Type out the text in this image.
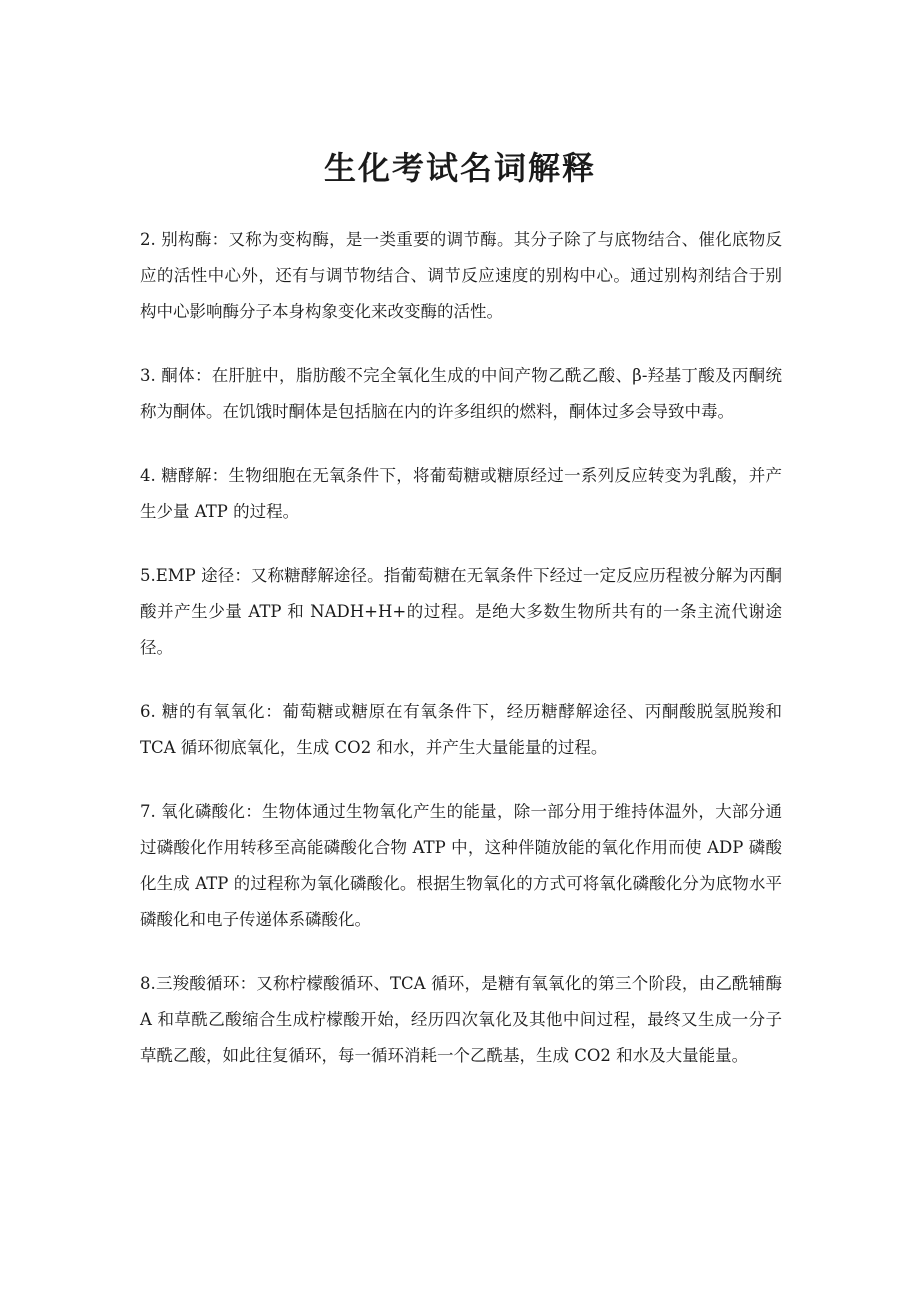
生化考试名词解释

2. 别构酶：又称为变构酶，是一类重要的调节酶。其分子除了与底物结合、催化底物反应的活性中心外，还有与调节物结合、调节反应速度的别构中心。通过别构剂结合于别构中心影响酶分子本身构象变化来改变酶的活性。

3. 酮体：在肝脏中，脂肪酸不完全氧化生成的中间产物乙酰乙酸、β-羟基丁酸及丙酮统称为酮体。在饥饿时酮体是包括脑在内的许多组织的燃料，酮体过多会导致中毒。

4. 糖酵解：生物细胞在无氧条件下，将葡萄糖或糖原经过一系列反应转变为乳酸，并产生少量 ATP 的过程。

5.EMP 途径：又称糖酵解途径。指葡萄糖在无氧条件下经过一定反应历程被分解为丙酮酸并产生少量 ATP 和 NADH+H+的过程。是绝大多数生物所共有的一条主流代谢途径。

6. 糖的有氧氧化：葡萄糖或糖原在有氧条件下，经历糖酵解途径、丙酮酸脱氢脱羧和 TCA 循环彻底氧化，生成 CO2 和水，并产生大量能量的过程。

7. 氧化磷酸化：生物体通过生物氧化产生的能量，除一部分用于维持体温外，大部分通过磷酸化作用转移至高能磷酸化合物 ATP 中，这种伴随放能的氧化作用而使 ADP 磷酸化生成 ATP 的过程称为氧化磷酸化。根据生物氧化的方式可将氧化磷酸化分为底物水平磷酸化和电子传递体系磷酸化。

8.三羧酸循环：又称柠檬酸循环、TCA 循环，是糖有氧氧化的第三个阶段，由乙酰辅酶 A 和草酰乙酸缩合生成柠檬酸开始，经历四次氧化及其他中间过程，最终又生成一分子草酰乙酸，如此往复循环，每一循环消耗一个乙酰基，生成 CO2 和水及大量能量。
